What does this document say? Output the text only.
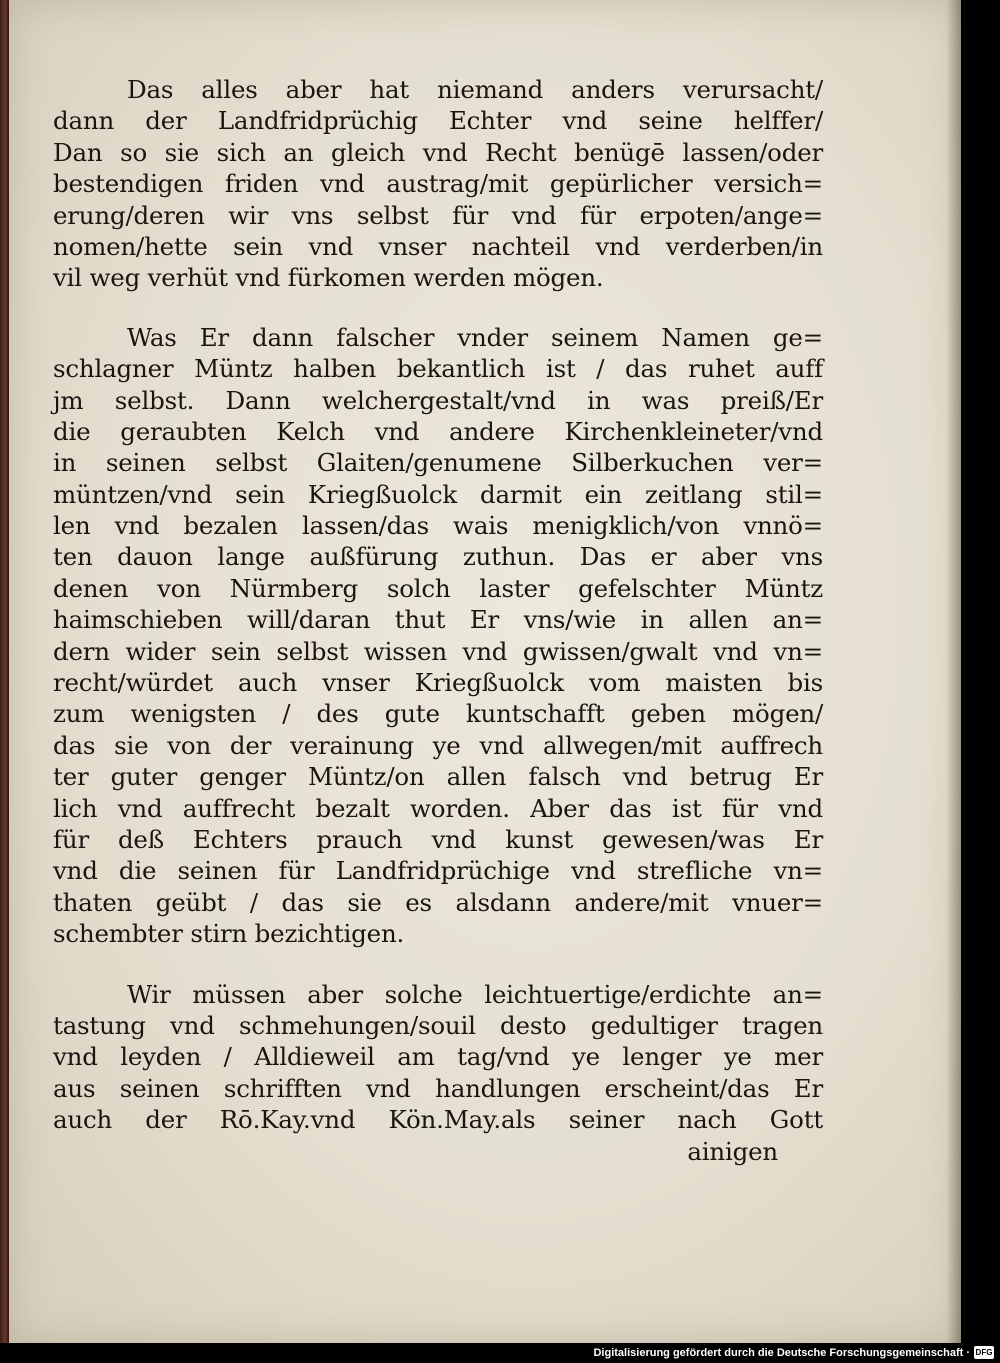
Das alles aber hat niemand anders verursacht/
dann der Landfridprüchig Echter vnd seine helffer/
Dan so sie sich an gleich vnd Recht benügē lassen/oder
bestendigen friden vnd austrag/mit gepürlicher versich=
erung/deren wir vns selbst für vnd für erpoten/ange=
nomen/hette sein vnd vnser nachteil vnd verderben/in
vil weg verhüt vnd fürkomen werden mögen.
Was Er dann falscher vnder seinem Namen ge=
schlagner Müntz halben bekantlich ist / das ruhet auff
jm selbst. Dann welchergestalt/vnd in was preiß/Er
die geraubten Kelch vnd andere Kirchenkleineter/vnd
in seinen selbst Glaiten/genumene Silberkuchen ver=
müntzen/vnd sein Kriegßuolck darmit ein zeitlang stil=
len vnd bezalen lassen/das wais menigklich/von vnnö=
ten dauon lange außfürung zuthun. Das er aber vns
denen von Nürmberg solch laster gefelschter Müntz
haimschieben will/daran thut Er vns/wie in allen an=
dern wider sein selbst wissen vnd gwissen/gwalt vnd vn=
recht/würdet auch vnser Kriegßuolck vom maisten bis
zum wenigsten / des gute kuntschafft geben mögen/
das sie von der verainung ye vnd allwegen/mit auffrech
ter guter genger Müntz/on allen falsch vnd betrug Er
lich vnd auffrecht bezalt worden. Aber das ist für vnd
für deß Echters prauch vnd kunst gewesen/was Er
vnd die seinen für Landfridprüchige vnd strefliche vn=
thaten geübt / das sie es alsdann andere/mit vnuer=
schembter stirn bezichtigen.
Wir müssen aber solche leichtuertige/erdichte an=
tastung vnd schmehungen/souil desto gedultiger tragen
vnd leyden / Alldieweil am tag/vnd ye lenger ye mer
aus seinen schrifften vnd handlungen erscheint/das Er
auch der Rō.Kay.vnd Kön.May.als seiner nach Gott
ainigen
Digitalisierung gefördert durch die Deutsche Forschungsgemeinschaft · DFG
